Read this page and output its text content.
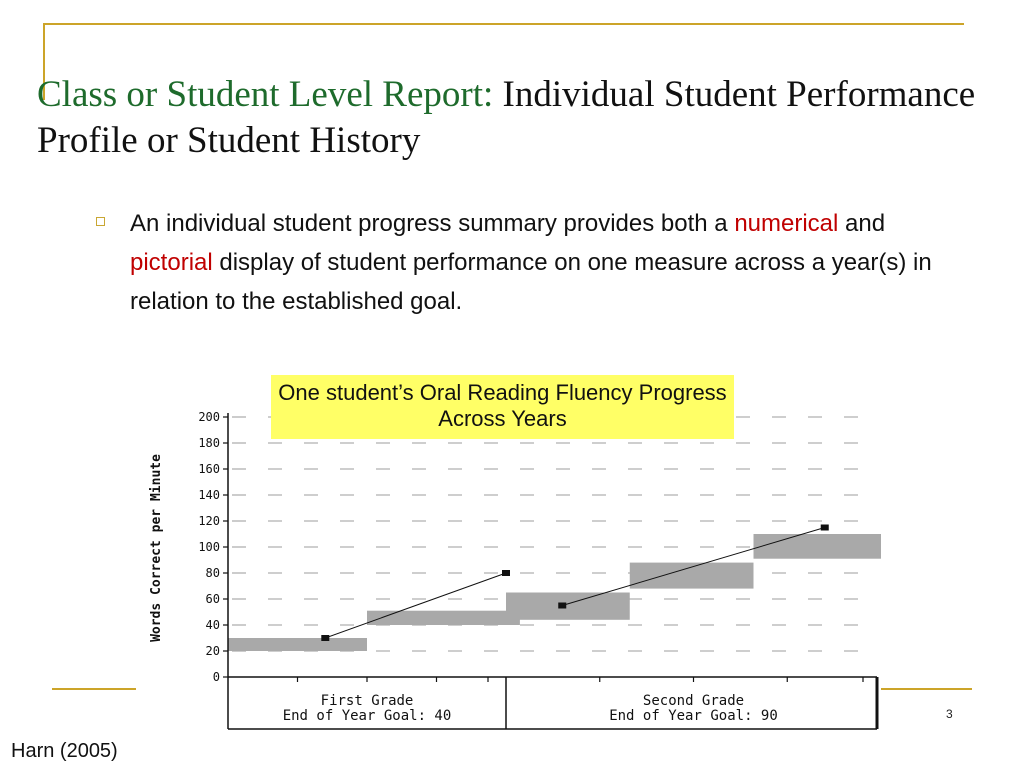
Class or Student Level Report: Individual Student Performance Profile or Student History
An individual student progress summary provides both a numerical and pictorial display of student performance on one measure across a year(s) in relation to the established goal.
3
Harn (2005)
Words Correct per Minute
200
180
160
140
120
100
80
60
40
20
0
First Grade
End of Year Goal: 40
Second Grade
End of Year Goal: 90
One student’s Oral Reading Fluency Progress Across Years
